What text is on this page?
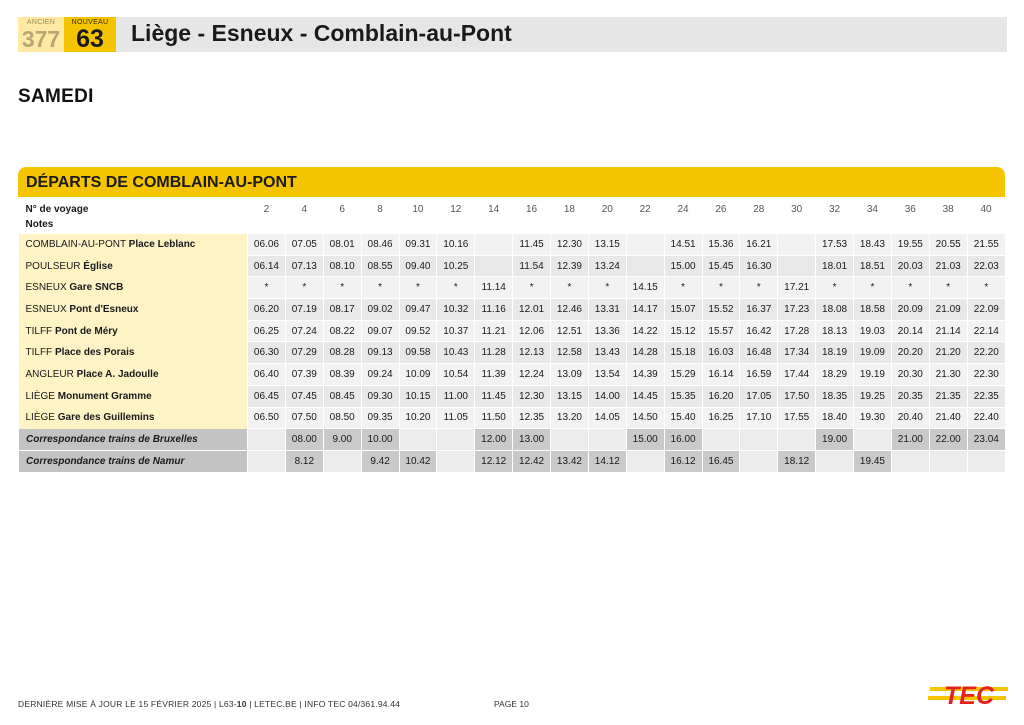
ANCIEN
377
NOUVEAU
63	Liège - Esneux - Comblain-au-Pont
SAMEDI
DÉPARTS DE COMBLAIN-AU-PONT
N° de voyage	2	4	6	8	10	12	14	16	18	20	22	24	26	28	30	32	34	36	38	40
Notes																				
COMBLAIN-AU-PONT Place Leblanc	06.06	07.05	08.01	08.46	09.31	10.16		11.45	12.30	13.15		14.51	15.36	16.21		17.53	18.43	19.55	20.55	21.55
POULSEUR Église	06.14	07.13	08.10	08.55	09.40	10.25		11.54	12.39	13.24		15.00	15.45	16.30		18.01	18.51	20.03	21.03	22.03
ESNEUX Gare SNCB	*	*	*	*	*	*	11.14	*	*	*	14.15	*	*	*	17.21	*	*	*	*	*
ESNEUX Pont d'Esneux	06.20	07.19	08.17	09.02	09.47	10.32	11.16	12.01	12.46	13.31	14.17	15.07	15.52	16.37	17.23	18.08	18.58	20.09	21.09	22.09
TILFF Pont de Méry	06.25	07.24	08.22	09.07	09.52	10.37	11.21	12.06	12.51	13.36	14.22	15.12	15.57	16.42	17.28	18.13	19.03	20.14	21.14	22.14
TILFF Place des Porais	06.30	07.29	08.28	09.13	09.58	10.43	11.28	12.13	12.58	13.43	14.28	15.18	16.03	16.48	17.34	18.19	19.09	20.20	21.20	22.20
ANGLEUR Place A. Jadoulle	06.40	07.39	08.39	09.24	10.09	10.54	11.39	12.24	13.09	13.54	14.39	15.29	16.14	16.59	17.44	18.29	19.19	20.30	21.30	22.30
LIÈGE Monument Gramme	06.45	07.45	08.45	09.30	10.15	11.00	11.45	12.30	13.15	14.00	14.45	15.35	16.20	17.05	17.50	18.35	19.25	20.35	21.35	22.35
LIÈGE Gare des Guillemins	06.50	07.50	08.50	09.35	10.20	11.05	11.50	12.35	13.20	14.05	14.50	15.40	16.25	17.10	17.55	18.40	19.30	20.40	21.40	22.40
Correspondance trains de Bruxelles		08.00	9.00	10.00			12.00	13.00			15.00	16.00				19.00		21.00	22.00	23.04
Correspondance trains de Namur		8.12		9.42	10.42		12.12	12.42	13.42	14.12		16.12	16.45		18.12		19.45			
DERNIÈRE MISE À JOUR LE 15 FÉVRIER 2025 | L63-10 | LETEC.BE | INFO TEC 04/361.94.44	PAGE 10	TEC
